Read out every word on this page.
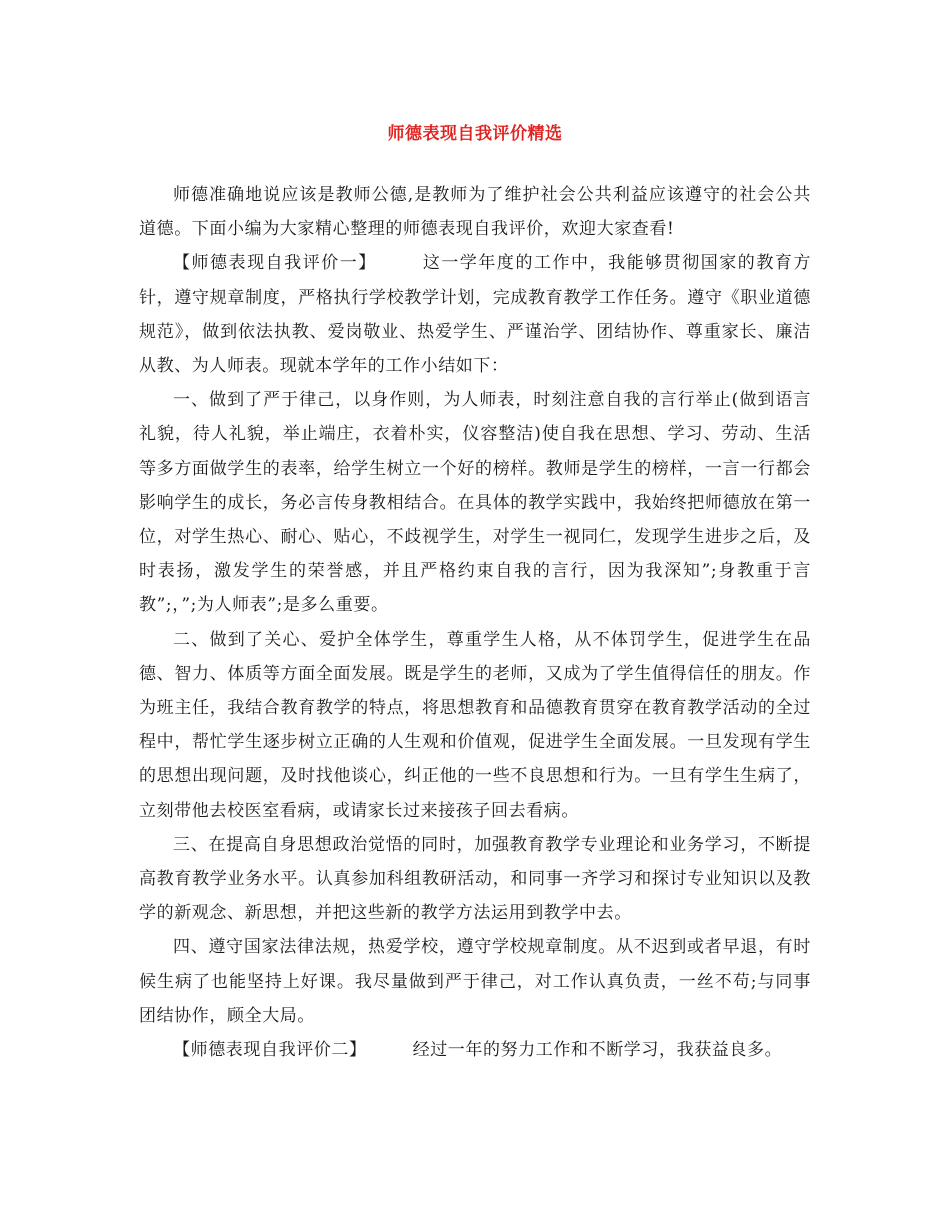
师德表现自我评价精选

师德准确地说应该是教师公德,是教师为了维护社会公共利益应该遵守的社会公共道德。下面小编为大家精心整理的师德表现自我评价，欢迎大家查看!

【师德表现自我评价一】	这一学年度的工作中，我能够贯彻国家的教育方针，遵守规章制度，严格执行学校教学计划，完成教育教学工作任务。遵守《职业道德规范》，做到依法执教、爱岗敬业、热爱学生、严谨治学、团结协作、尊重家长、廉洁从教、为人师表。现就本学年的工作小结如下：

一、做到了严于律己，以身作则，为人师表，时刻注意自我的言行举止(做到语言礼貌，待人礼貌，举止端庄，衣着朴实，仪容整洁)使自我在思想、学习、劳动、生活等多方面做学生的表率，给学生树立一个好的榜样。教师是学生的榜样，一言一行都会影响学生的成长，务必言传身教相结合。在具体的教学实践中，我始终把师德放在第一位，对学生热心、耐心、贴心，不歧视学生，对学生一视同仁，发现学生进步之后，及时表扬，激发学生的荣誉感，并且严格约束自我的言行，因为我深知”;身教重于言教”;，”;为人师表”;是多么重要。

二、做到了关心、爱护全体学生，尊重学生人格，从不体罚学生，促进学生在品德、智力、体质等方面全面发展。既是学生的老师，又成为了学生值得信任的朋友。作为班主任，我结合教育教学的特点，将思想教育和品德教育贯穿在教育教学活动的全过程中，帮忙学生逐步树立正确的人生观和价值观，促进学生全面发展。一旦发现有学生的思想出现问题，及时找他谈心，纠正他的一些不良思想和行为。一旦有学生生病了，立刻带他去校医室看病，或请家长过来接孩子回去看病。

三、在提高自身思想政治觉悟的同时，加强教育教学专业理论和业务学习，不断提高教育教学业务水平。认真参加科组教研活动，和同事一齐学习和探讨专业知识以及教学的新观念、新思想，并把这些新的教学方法运用到教学中去。

四、遵守国家法律法规，热爱学校，遵守学校规章制度。从不迟到或者早退，有时候生病了也能坚持上好课。我尽量做到严于律己，对工作认真负责，一丝不苟;与同事团结协作，顾全大局。

【师德表现自我评价二】	经过一年的努力工作和不断学习，我获益良多。
